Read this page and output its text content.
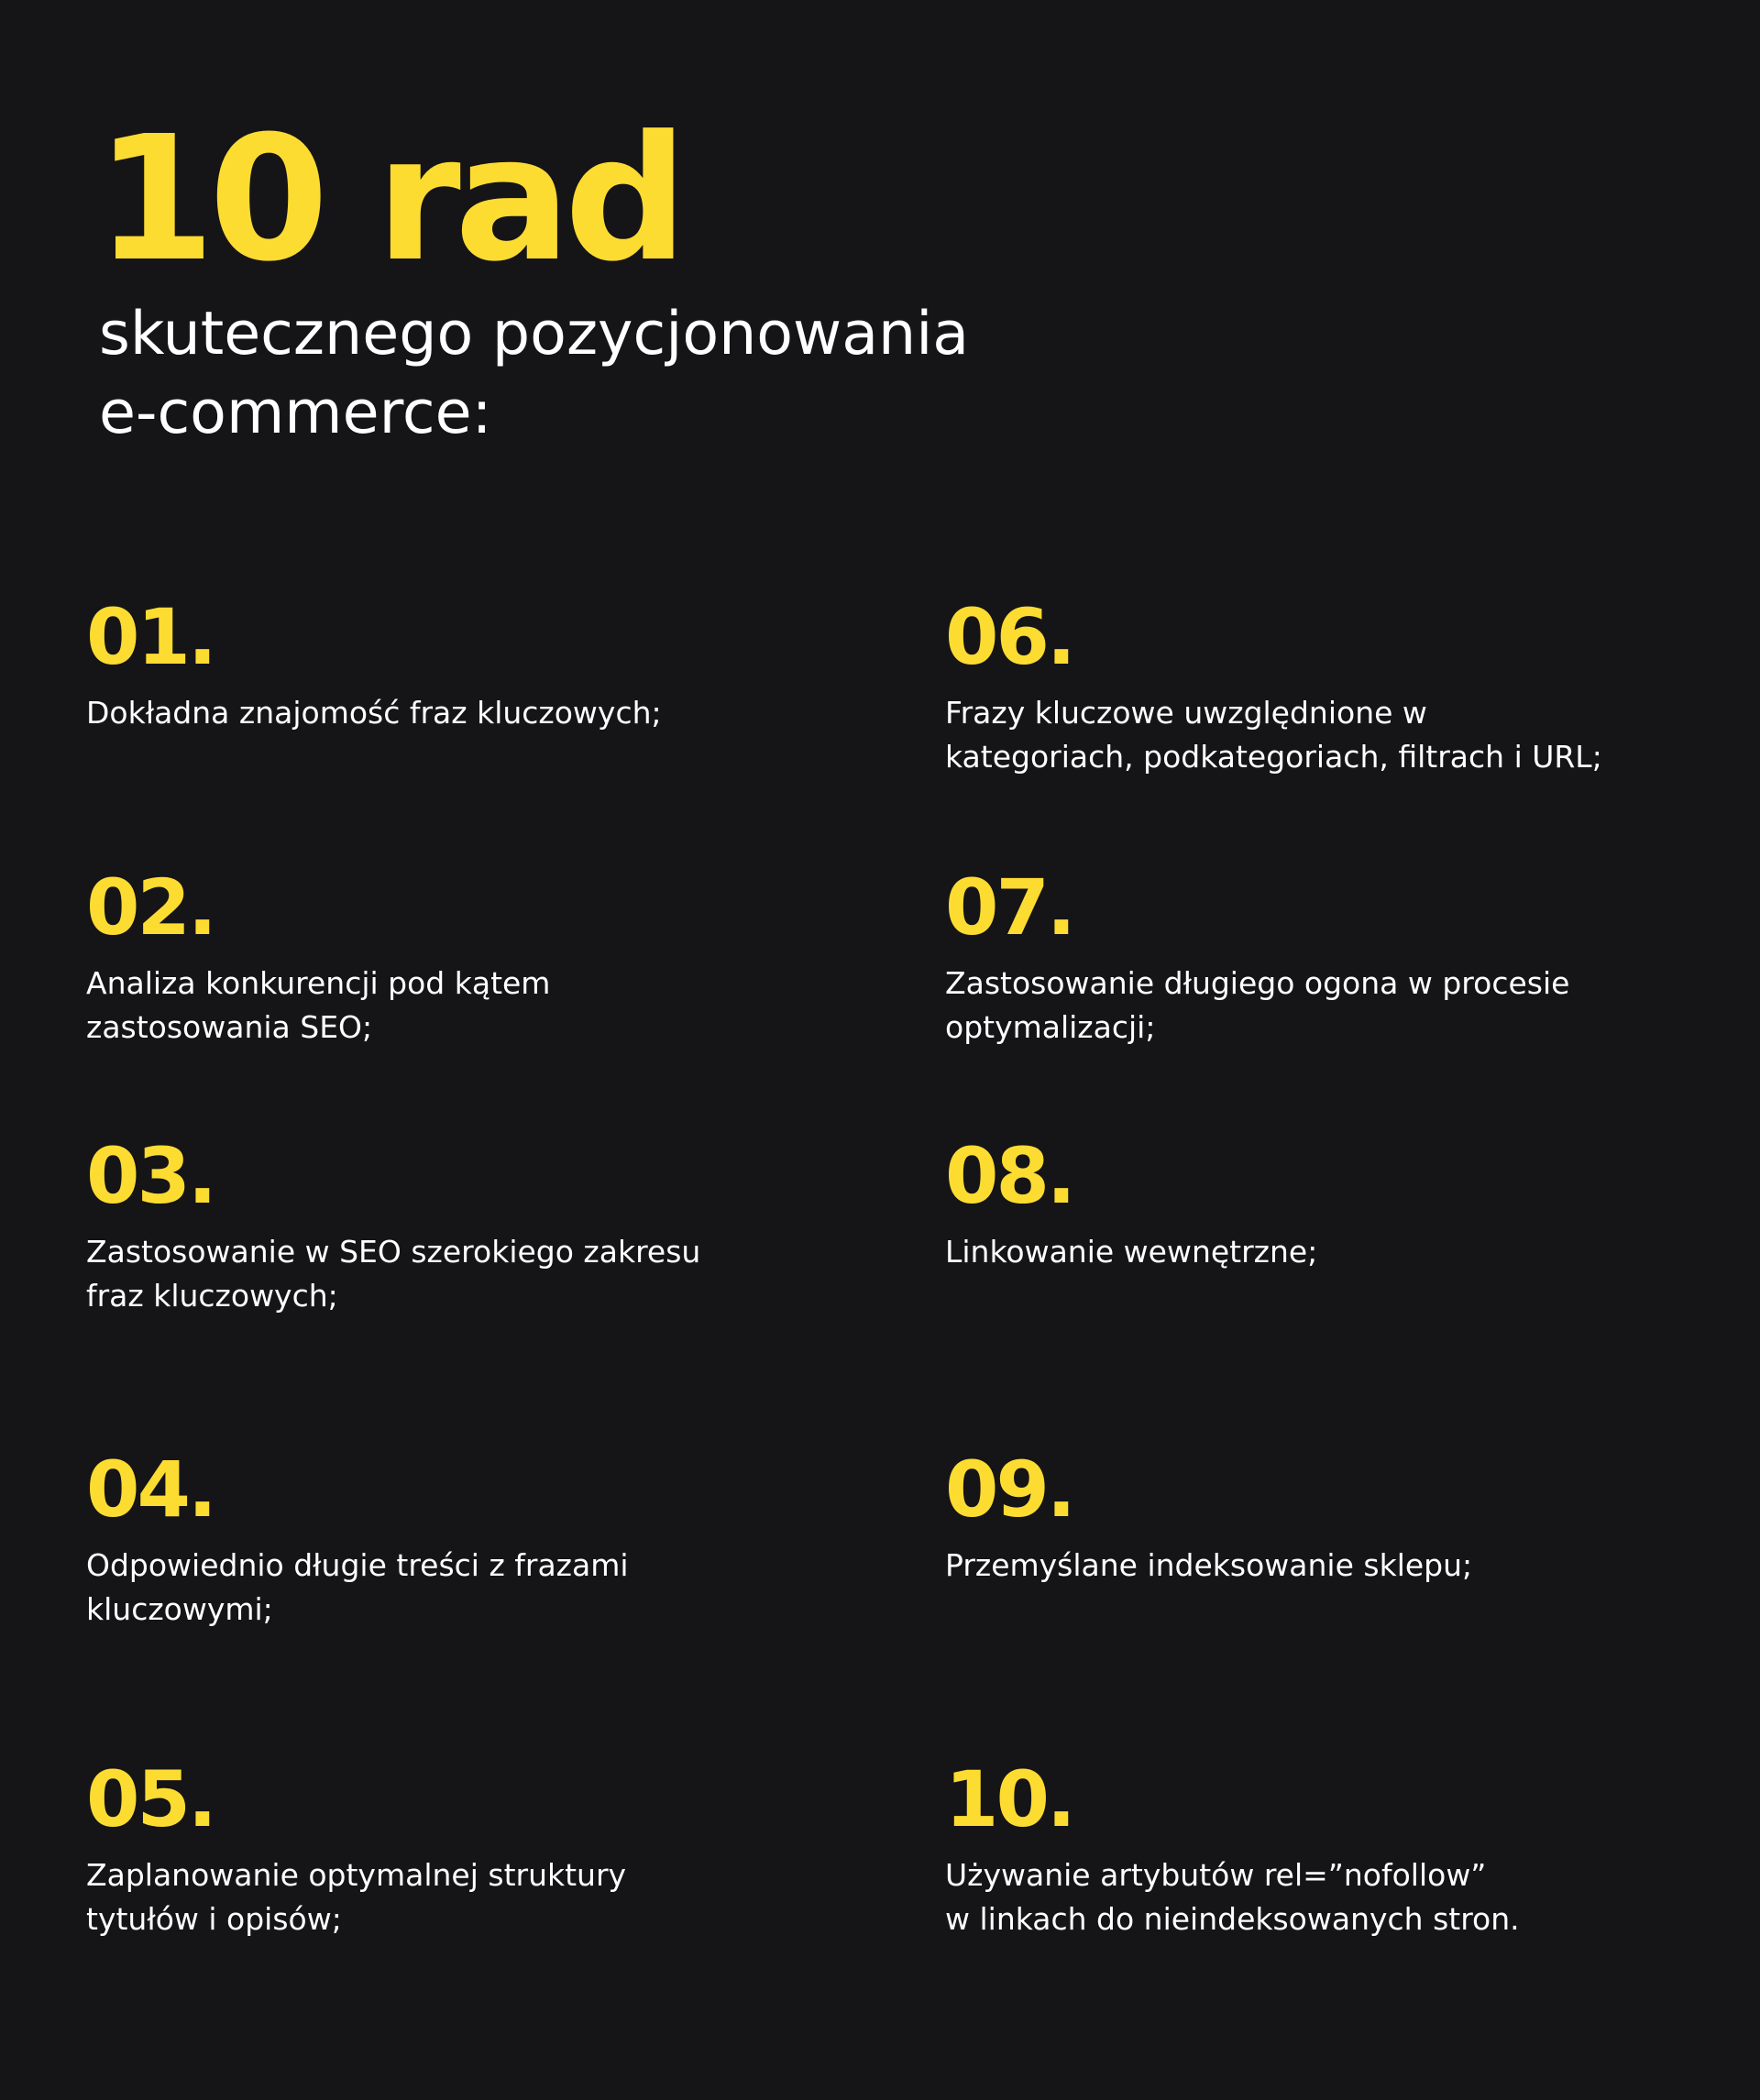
10 rad
skutecznego pozycjonowania
e-commerce:
01.
Dokładna znajomość fraz kluczowych;
02.
Analiza konkurencji pod kątem
zastosowania SEO;
03.
Zastosowanie w SEO szerokiego zakresu
fraz kluczowych;
04.
Odpowiednio długie treści z frazami
kluczowymi;
05.
Zaplanowanie optymalnej struktury
tytułów i opisów;
06.
Frazy kluczowe uwzględnione w
kategoriach, podkategoriach, filtrach i URL;
07.
Zastosowanie długiego ogona w procesie
optymalizacji;
08.
Linkowanie wewnętrzne;
09.
Przemyślane indeksowanie sklepu;
10.
Używanie artybutów rel=”nofollow”
w linkach do nieindeksowanych stron.
